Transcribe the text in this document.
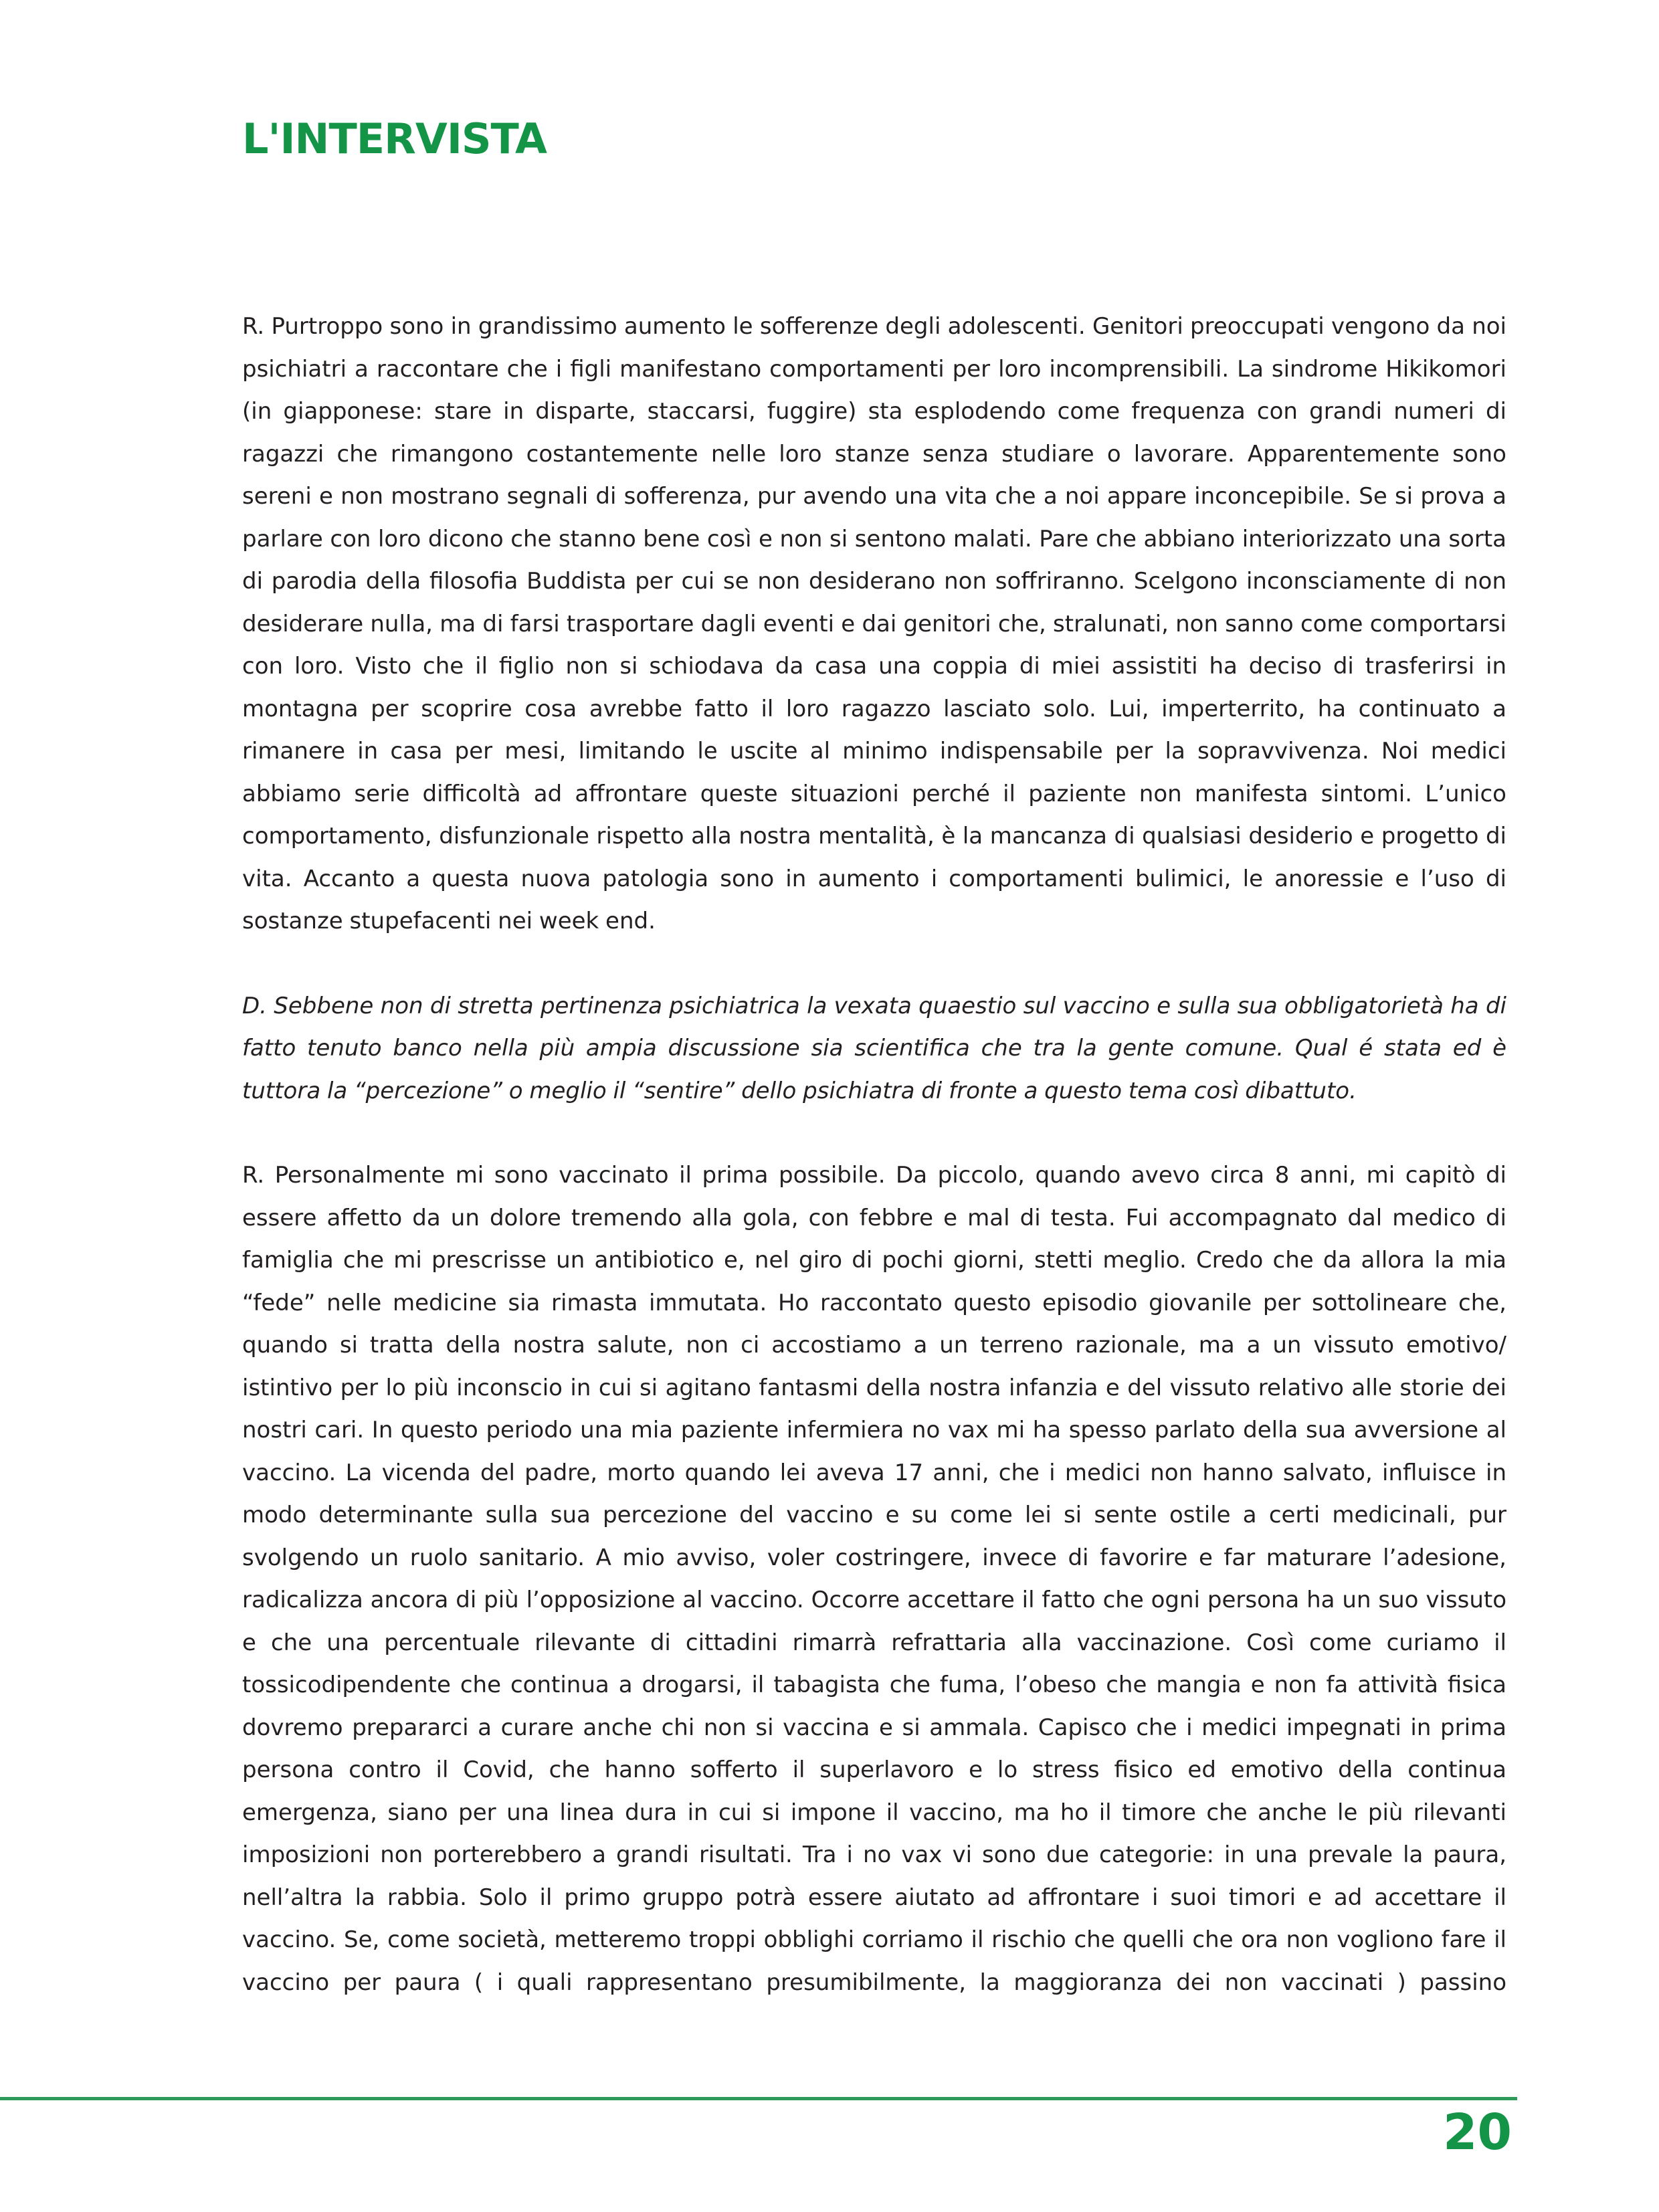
L'INTERVISTA

R. Purtroppo sono in grandissimo aumento le sofferenze degli adolescenti. Genitori preoccupati vengono da noi psichiatri a raccontare che i figli manifestano comportamenti per loro incomprensibili. La sindrome Hikikomori (in giapponese: stare in disparte, staccarsi, fuggire) sta esplodendo come frequenza con grandi numeri di ragazzi che rimangono costantemente nelle loro stanze senza studiare o lavorare. Apparentemente sono sereni e non mostrano segnali di sofferenza, pur avendo una vita che a noi appare inconcepibile. Se si prova a parlare con loro dicono che stanno bene così e non si sentono malati. Pare che abbiano interiorizzato una sorta di parodia della filosofia Buddista per cui se non desiderano non soffriranno. Scelgono inconsciamente di non desiderare nulla, ma di farsi trasportare dagli eventi e dai genitori che, stralunati, non sanno come comportarsi con loro. Visto che il figlio non si schiodava da casa una coppia di miei assistiti ha deciso di trasferirsi in montagna per scoprire cosa avrebbe fatto il loro ragazzo lasciato solo. Lui, imperterrito, ha continuato a rimanere in casa per mesi, limitando le uscite al minimo indispensabile per la sopravvivenza. Noi medici abbiamo serie difficoltà ad affrontare queste situazioni perché il paziente non manifesta sintomi. L’unico comportamento, disfunzionale rispetto alla nostra mentalità, è la mancanza di qualsiasi desiderio e progetto di vita. Accanto a questa nuova patologia sono in aumento i comportamenti bulimici, le anoressie e l’uso di sostanze stupefacenti nei week end.

D. Sebbene non di stretta pertinenza psichiatrica la vexata quaestio sul vaccino e sulla sua obbligatorietà ha di fatto tenuto banco nella più ampia discussione sia scientifica che tra la gente comune. Qual é stata ed è tuttora la “percezione” o meglio il “sentire” dello psichiatra di fronte a questo tema così dibattuto.

R. Personalmente mi sono vaccinato il prima possibile. Da piccolo, quando avevo circa 8 anni, mi capitò di essere affetto da un dolore tremendo alla gola, con febbre e mal di testa. Fui accompagnato dal medico di famiglia che mi prescrisse un antibiotico e, nel giro di pochi giorni, stetti meglio. Credo che da allora la mia “fede” nelle medicine sia rimasta immutata. Ho raccontato questo episodio giovanile per sottolineare che, quando si tratta della nostra salute, non ci accostiamo a un terreno razionale, ma a un vissuto emotivo/ istintivo per lo più inconscio in cui si agitano fantasmi della nostra infanzia e del vissuto relativo alle storie dei nostri cari. In questo periodo una mia paziente infermiera no vax mi ha spesso parlato della sua avversione al vaccino. La vicenda del padre, morto quando lei aveva 17 anni, che i medici non hanno salvato, influisce in modo determinante sulla sua percezione del vaccino e su come lei si sente ostile a certi medicinali, pur svolgendo un ruolo sanitario. A mio avviso, voler costringere, invece di favorire e far maturare l’adesione, radicalizza ancora di più l’opposizione al vaccino. Occorre accettare il fatto che ogni persona ha un suo vissuto e che una percentuale rilevante di cittadini rimarrà refrattaria alla vaccinazione. Così come curiamo il tossicodipendente che continua a drogarsi, il tabagista che fuma, l’obeso che mangia e non fa attività fisica dovremo prepararci a curare anche chi non si vaccina e si ammala. Capisco che i medici impegnati in prima persona contro il Covid, che hanno sofferto il superlavoro e lo stress fisico ed emotivo della continua emergenza, siano per una linea dura in cui si impone il vaccino, ma ho il timore che anche le più rilevanti imposizioni non porterebbero a grandi risultati. Tra i no vax vi sono due categorie: in una prevale la paura, nell’altra la rabbia. Solo il primo gruppo potrà essere aiutato ad affrontare i suoi timori e ad accettare il vaccino. Se, come società, metteremo troppi obblighi corriamo il rischio che quelli che ora non vogliono fare il vaccino per paura ( i quali rappresentano presumibilmente, la maggioranza dei non vaccinati ) passino

20
